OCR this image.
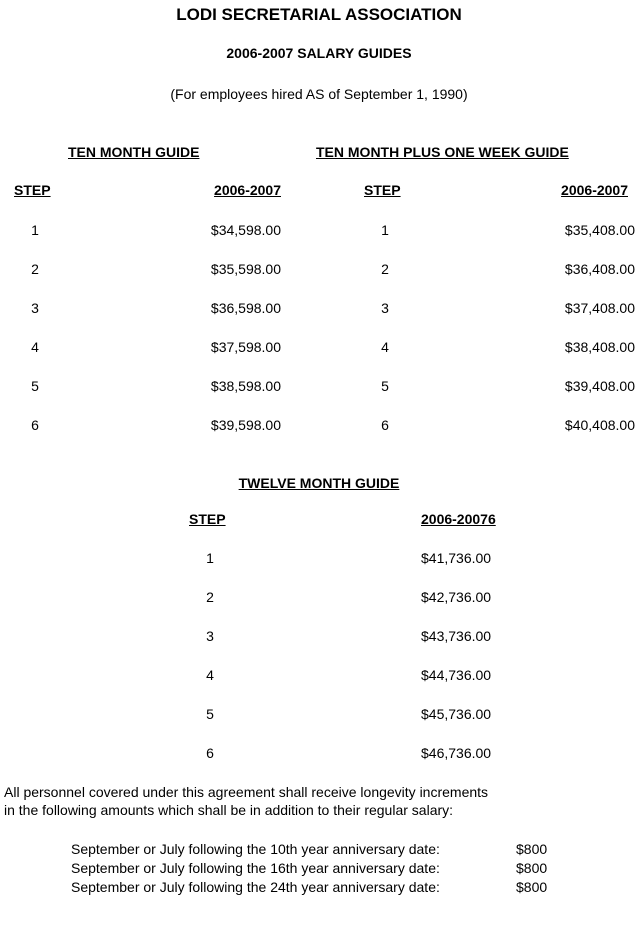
LODI SECRETARIAL ASSOCIATION
2006-2007 SALARY GUIDES
(For employees hired AS of September 1, 1990)
TEN MONTH GUIDE
STEP	2006-2007
1	$34,598.00
2	$35,598.00
3	$36,598.00
4	$37,598.00
5	$38,598.00
6	$39,598.00
TEN MONTH PLUS ONE WEEK GUIDE
STEP	2006-2007
1	$35,408.00
2	$36,408.00
3	$37,408.00
4	$38,408.00
5	$39,408.00
6	$40,408.00
TWELVE MONTH GUIDE
STEP	2006-20076
1	$41,736.00
2	$42,736.00
3	$43,736.00
4	$44,736.00
5	$45,736.00
6	$46,736.00
All personnel covered under this agreement shall receive longevity increments
in the following amounts which shall be in addition to their regular salary:
September or July following the 10th year anniversary date:	$800
September or July following the 16th year anniversary date:	$800
September or July following the 24th year anniversary date:	$800
